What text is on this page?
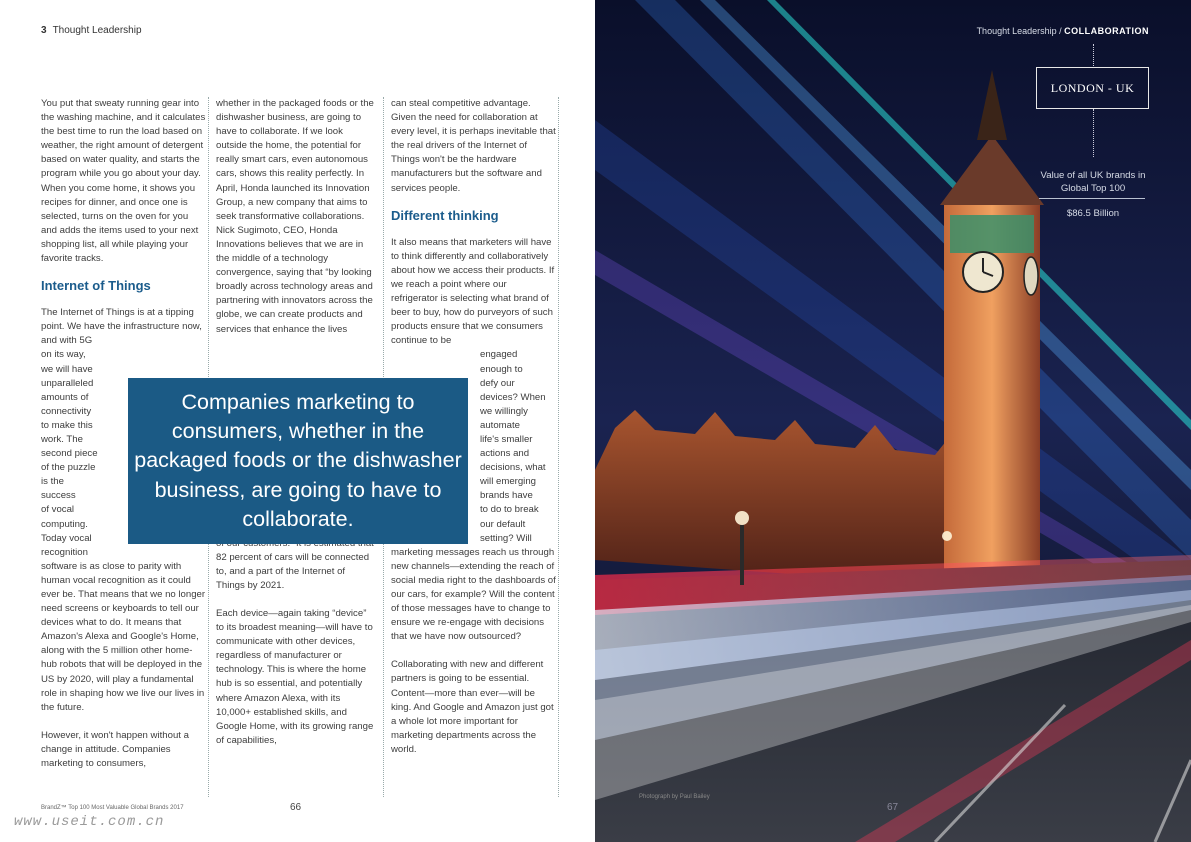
3 Thought Leadership

You put that sweaty running gear into the washing machine, and it calculates the best time to run the load based on weather, the right amount of detergent based on water quality, and starts the program while you go about your day. When you come home, it shows you recipes for dinner, and once one is selected, turns on the oven for you and adds the items used to your next shopping list, all while playing your favorite tracks.

Internet of Things

The Internet of Things is at a tipping point. We have the infrastructure now, and with 5G

on its way,
we will have
unparalleled
amounts of
connectivity
to make this
work. The
second piece
of the puzzle
is the success
of vocal
computing.
Today vocal
recognition

software is as close to parity with human vocal recognition as it could ever be. That means that we no longer need screens or keyboards to tell our devices what to do. It means that Amazon's Alexa and Google's Home, along with the 5 million other home-hub robots that will be deployed in the US by 2020, will play a fundamental role in shaping how we live our lives in the future.

However, it won't happen without a change in attitude. Companies marketing to consumers,

whether in the packaged foods or the dishwasher business, are going to have to collaborate. If we look outside the home, the potential for really smart cars, even autonomous cars, shows this reality perfectly. In April, Honda launched its Innovation Group, a new company that aims to seek transformative collaborations. Nick Sugimoto, CEO, Honda Innovations believes that we are in the middle of a technology convergence, saying that “by looking broadly across technology areas and partnering with innovators across the globe, we can create products and services that enhance the lives

82 percent of cars will be connected to, and a part of the Internet of Things by 2021.

Each device—again taking “device” to its broadest meaning—will have to communicate with other devices, regardless of manufacturer or technology. This is where the home hub is so essential, and potentially where Amazon Alexa, with its 10,000+ established skills, and Google Home, with its growing range of capabilities,

can steal competitive advantage. Given the need for collaboration at every level, it is perhaps inevitable that the real drivers of the Internet of Things won't be the hardware manufacturers but the software and services people.

Different thinking

It also means that marketers will have to think differently and collaboratively about how we access their products. If we reach a point where our refrigerator is selecting what brand of beer to buy, how do purveyors of such products ensure that we consumers continue to be

engaged
enough to
defy our
devices? When
we willingly
automate
life's smaller
actions and
decisions, what
will emerging
brands have
to do to break
our default
setting? Will

marketing messages reach us through new channels—extending the reach of social media right to the dashboards of our cars, for example? Will the content of those messages have to change to ensure we re-engage with decisions that we have now outsourced?

Collaborating with new and different partners is going to be essential. Content—more than ever—will be king. And Google and Amazon just got a whole lot more important for marketing departments across the world.

Companies marketing to consumers, whether in the packaged foods or the dishwasher business, are going to have to collaborate.
BrandZ™ Top 100 Most Valuable Global Brands 2017	66
www.useit.com.cn
Thought Leadership / COLLABORATION
LONDON - UK
Value of all UK brands in Global Top 100
$86.5 Billion
Photograph by Paul Bailey
67
